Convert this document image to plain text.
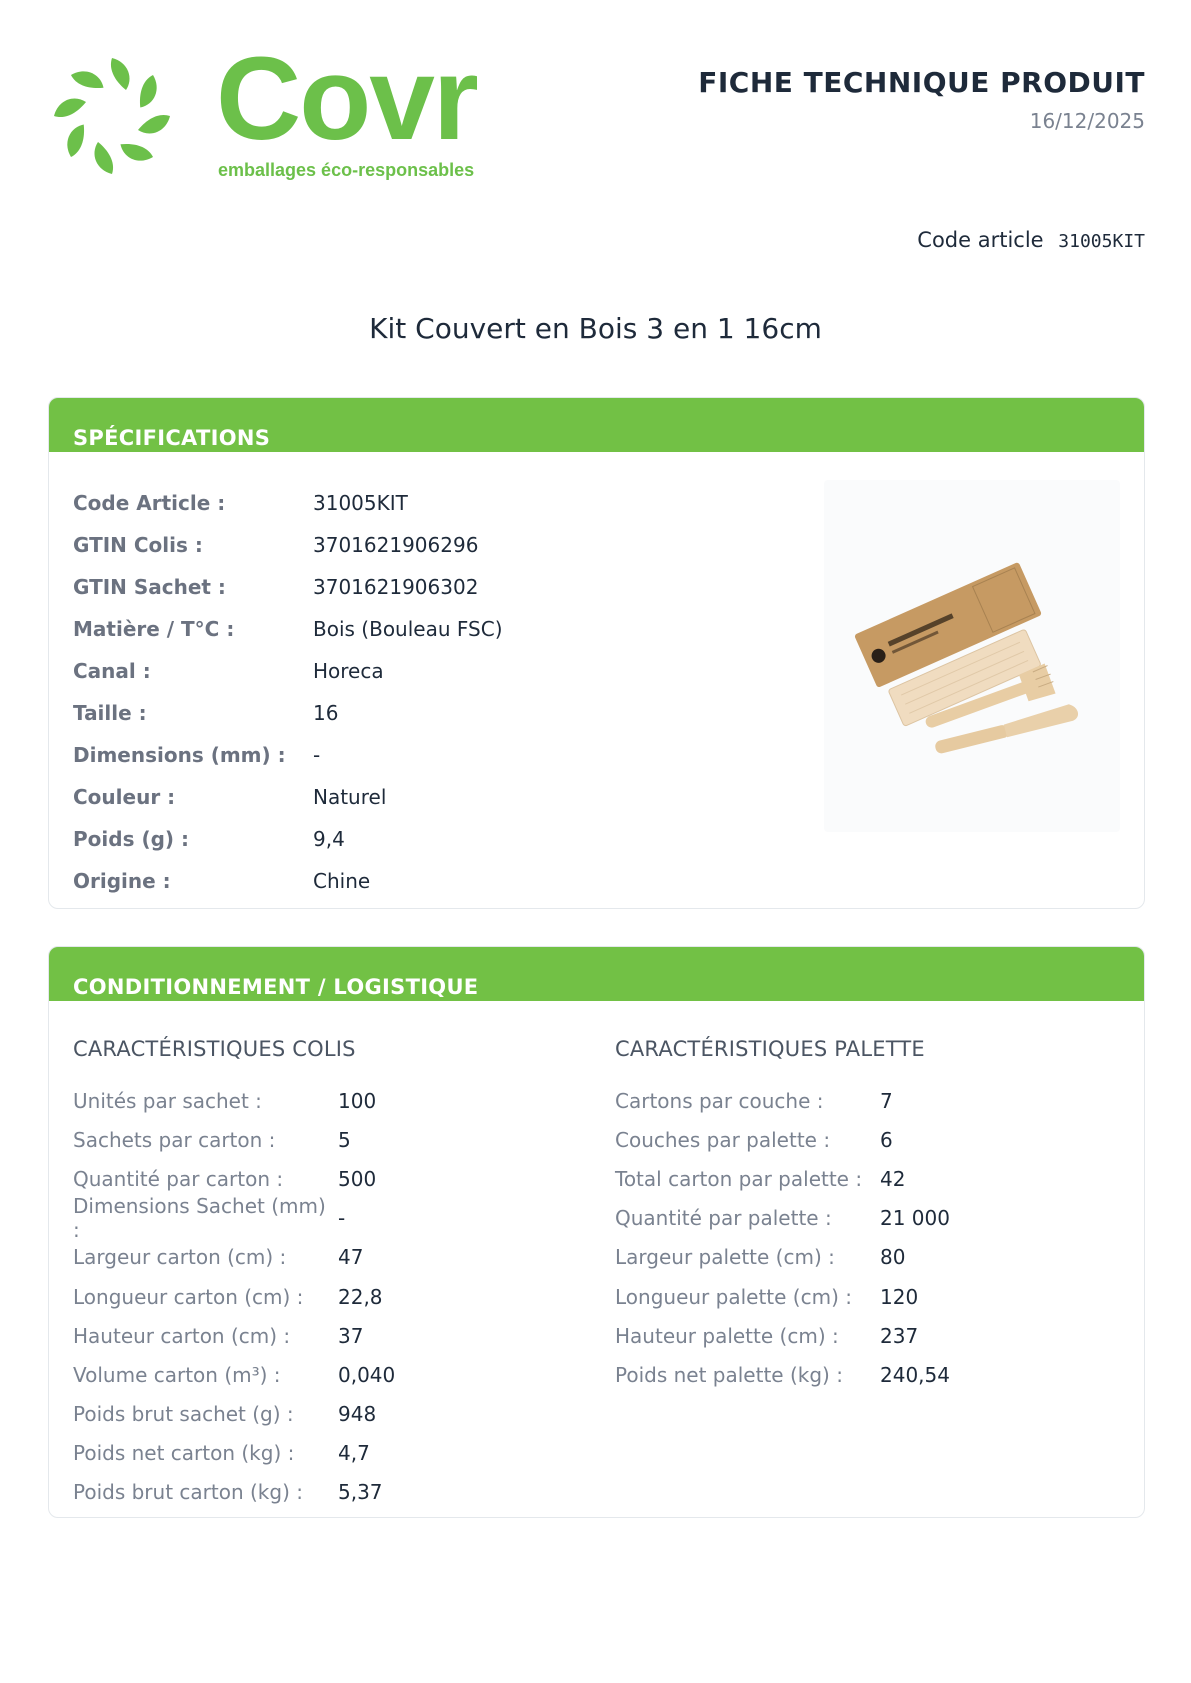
Covr
emballages éco-responsables
FICHE TECHNIQUE PRODUIT
16/12/2025
Code article 31005KIT
Kit Couvert en Bois 3 en 1 16cm
SPÉCIFICATIONS
Code Article :	31005KIT
GTIN Colis :	3701621906296
GTIN Sachet :	3701621906302
Matière / T°C :	Bois (Bouleau FSC)
Canal :	Horeca
Taille :	16
Dimensions (mm) :	-
Couleur :	Naturel
Poids (g) :	9,4
Origine :	Chine
CONDITIONNEMENT / LOGISTIQUE
CARACTÉRISTIQUES COLIS
Unités par sachet :	100
Sachets par carton :	5
Quantité par carton :	500
Dimensions Sachet (mm) :	-
Largeur carton (cm) :	47
Longueur carton (cm) :	22,8
Hauteur carton (cm) :	37
Volume carton (m³) :	0,040
Poids brut sachet (g) :	948
Poids net carton (kg) :	4,7
Poids brut carton (kg) :	5,37
CARACTÉRISTIQUES PALETTE
Cartons par couche :	7
Couches par palette :	6
Total carton par palette : 42
Quantité par palette :	21 000
Largeur palette (cm) :	80
Longueur palette (cm) :	120
Hauteur palette (cm) :	237
Poids net palette (kg) :	240,54
